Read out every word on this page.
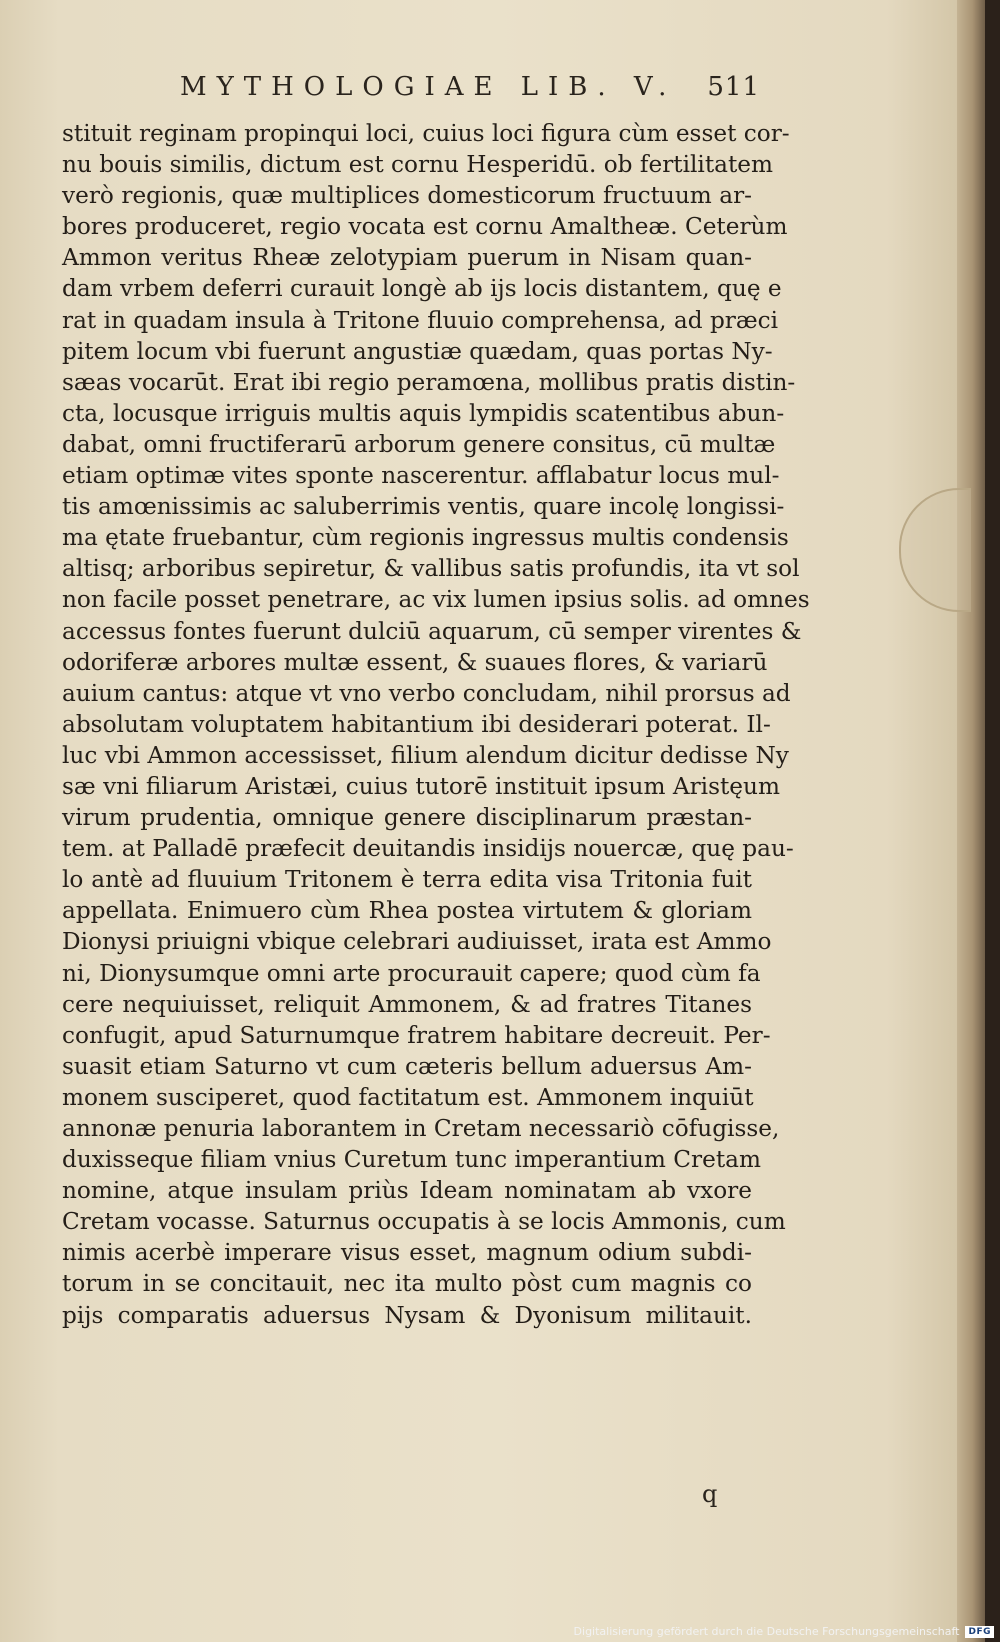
MYTHOLOGIAE LIB. V. 511
stituit reginam propinqui loci, cuius loci figura cùm esset cor-
nu bouis similis, dictum est cornu Hesperidū. ob fertilitatem
verò regionis, quæ multiplices domesticorum fructuum ar-
bores produceret, regio vocata est cornu Amaltheæ. Ceterùm
Ammon veritus Rheæ zelotypiam puerum in Nisam quan-
dam vrbem deferri curauit longè ab ijs locis distantem, quę e
rat in quadam insula à Tritone fluuio comprehensa, ad præci
pitem locum vbi fuerunt angustiæ quædam, quas portas Ny-
sæas vocarūt. Erat ibi regio peramœna, mollibus pratis distin-
cta, locusque irriguis multis aquis lympidis scatentibus abun-
dabat, omni fructiferarū arborum genere consitus, cū multæ
etiam optimæ vites sponte nascerentur. afflabatur locus mul-
tis amœnissimis ac saluberrimis ventis, quare incolę longissi-
ma ętate fruebantur, cùm regionis ingressus multis condensis
altisq; arboribus sepiretur, & vallibus satis profundis, ita vt sol
non facile posset penetrare, ac vix lumen ipsius solis. ad omnes
accessus fontes fuerunt dulciū aquarum, cū semper virentes &
odoriferæ arbores multæ essent, & suaues flores, & variarū
auium cantus: atque vt vno verbo concludam, nihil prorsus ad
absolutam voluptatem habitantium ibi desiderari poterat. Il-
luc vbi Ammon accessisset, filium alendum dicitur dedisse Ny
sæ vni filiarum Aristæi, cuius tutorē instituit ipsum Aristęum
virum prudentia, omnique genere disciplinarum præstan-
tem. at Palladē præfecit deuitandis insidijs nouercæ, quę pau-
lo antè ad fluuium Tritonem è terra edita visa Tritonia fuit
appellata. Enimuero cùm Rhea postea virtutem & gloriam
Dionysi priuigni vbique celebrari audiuisset, irata est Ammo
ni, Dionysumque omni arte procurauit capere; quod cùm fa
cere nequiuisset, reliquit Ammonem, & ad fratres Titanes
confugit, apud Saturnumque fratrem habitare decreuit. Per-
suasit etiam Saturno vt cum cæteris bellum aduersus Am-
monem susciperet, quod factitatum est. Ammonem inquiūt
annonæ penuria laborantem in Cretam necessariò cōfugisse,
duxisseque filiam vnius Curetum tunc imperantium Cretam
nomine, atque insulam priùs Ideam nominatam ab vxore
Cretam vocasse. Saturnus occupatis à se locis Ammonis, cum
nimis acerbè imperare visus esset, magnum odium subdi-
torum in se concitauit, nec ita multo pòst cum magnis co
pijs comparatis aduersus Nysam & Dyonisum militauit.
q
Digitalisierung gefördert durch die Deutsche Forschungsgemeinschaft	DFG
